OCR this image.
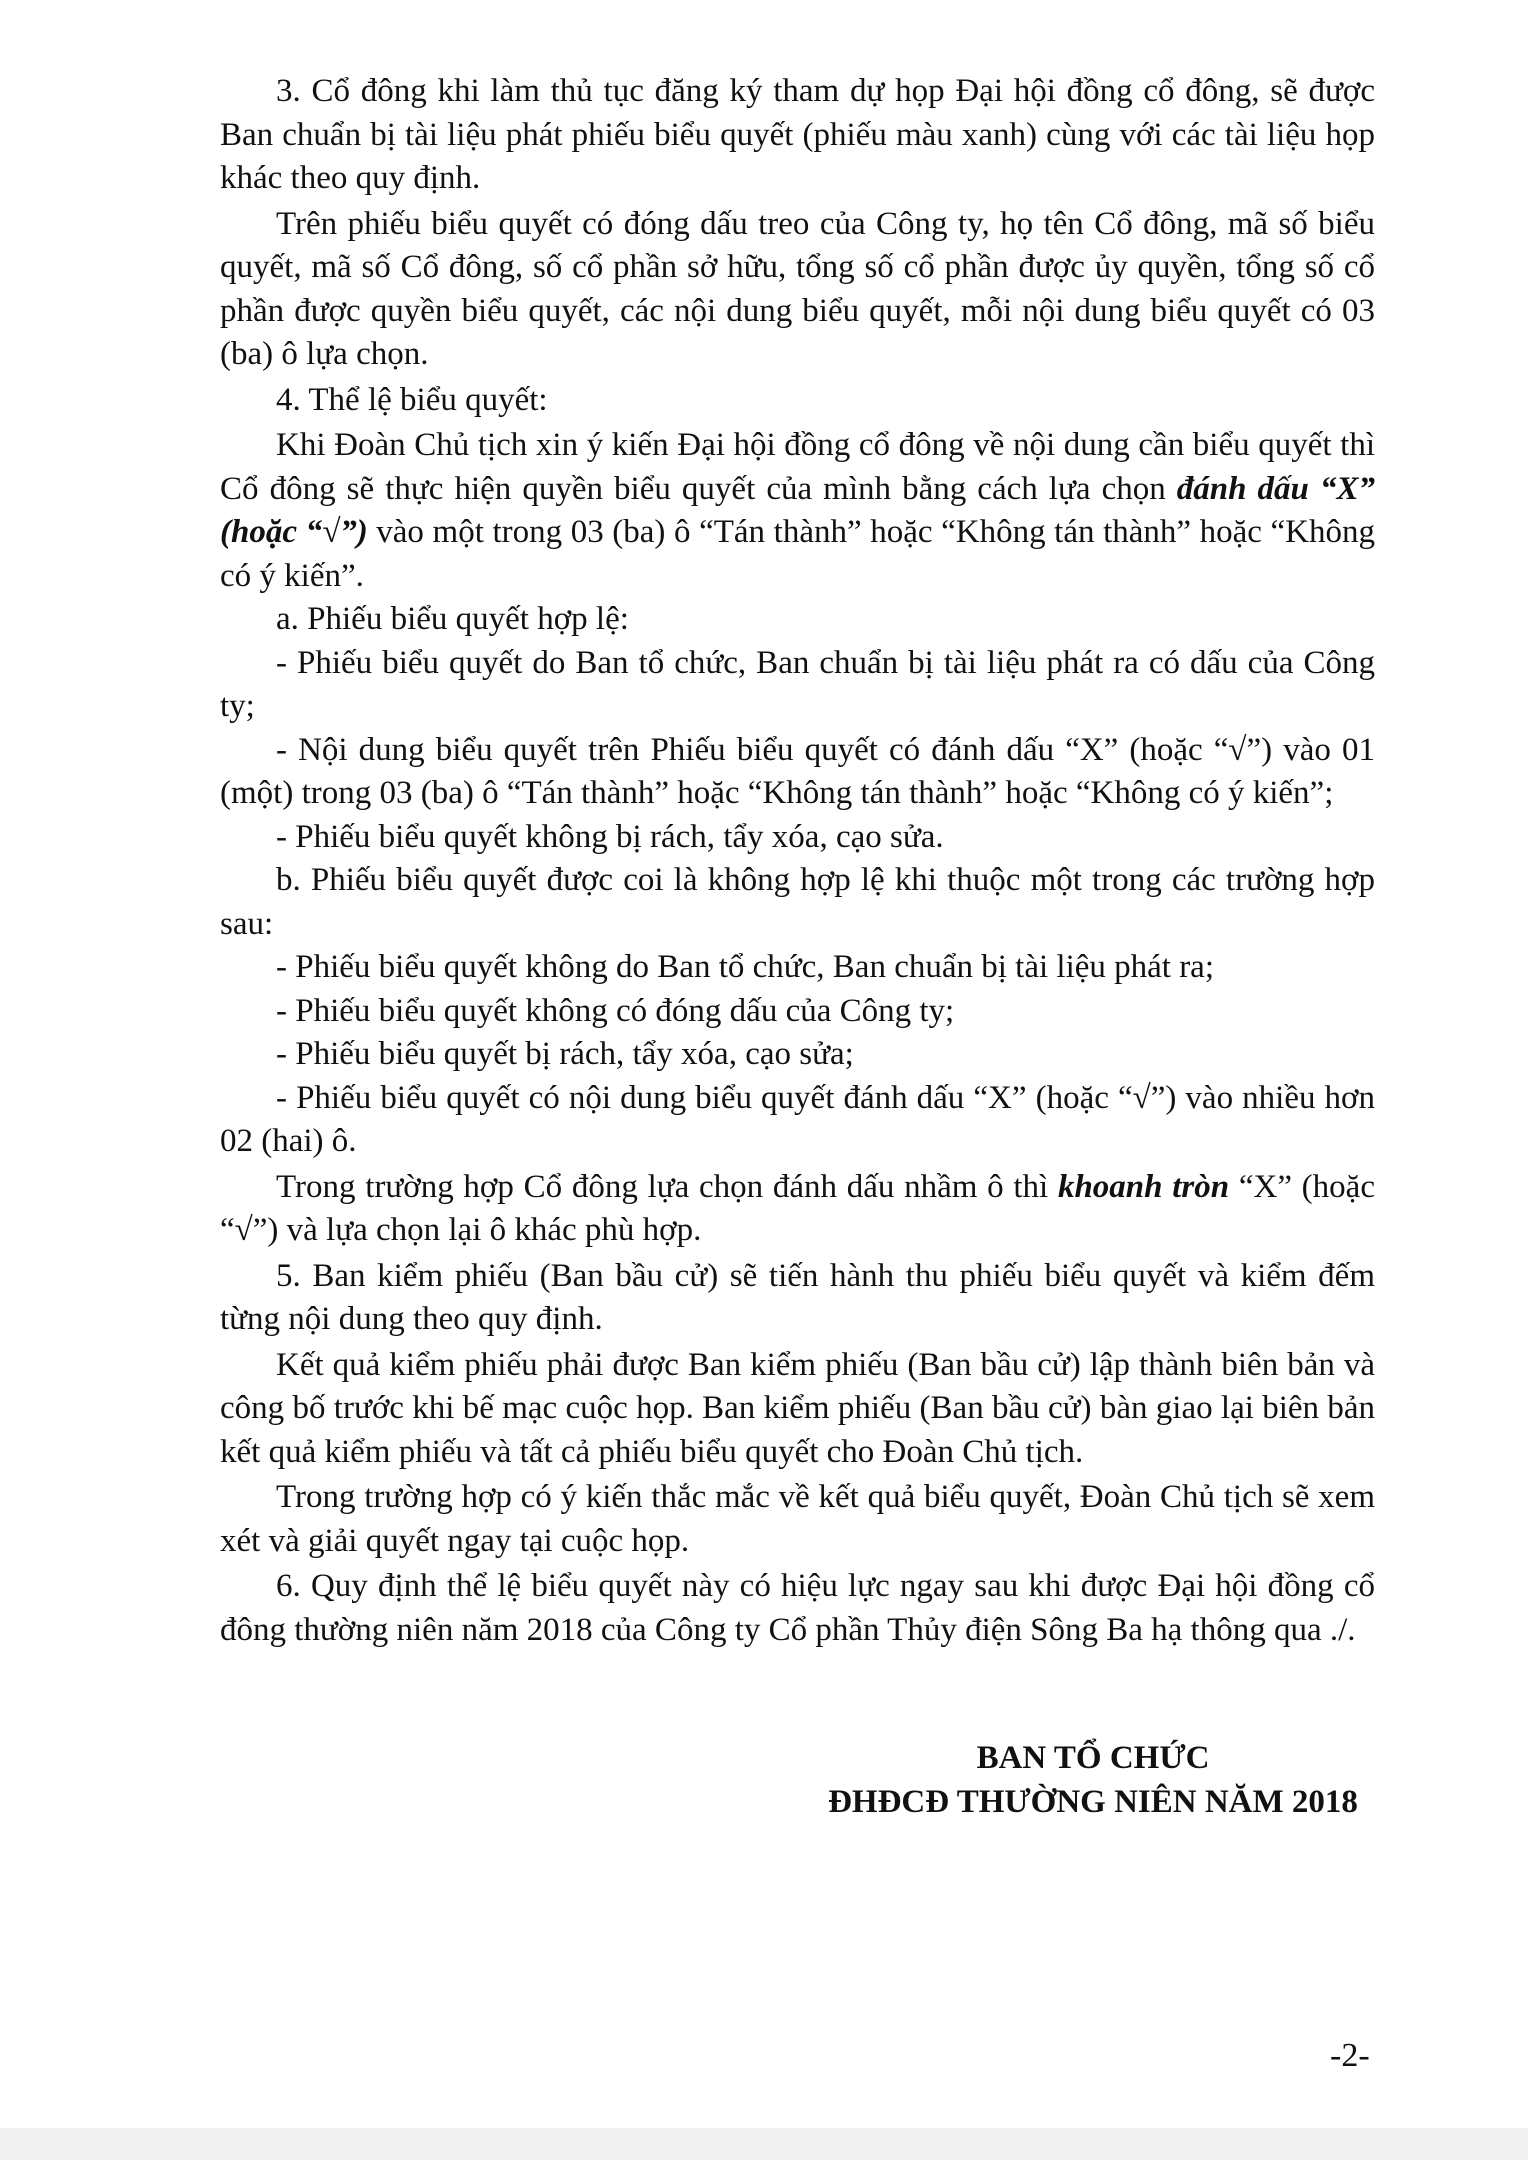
3. Cổ đông khi làm thủ tục đăng ký tham dự họp Đại hội đồng cổ đông, sẽ được Ban chuẩn bị tài liệu phát phiếu biểu quyết (phiếu màu xanh) cùng với các tài liệu họp khác theo quy định.

Trên phiếu biểu quyết có đóng dấu treo của Công ty, họ tên Cổ đông, mã số biểu quyết, mã số Cổ đông, số cổ phần sở hữu, tổng số cổ phần được ủy quyền, tổng số cổ phần được quyền biểu quyết, các nội dung biểu quyết, mỗi nội dung biểu quyết có 03 (ba) ô lựa chọn.

4. Thể lệ biểu quyết:

Khi Đoàn Chủ tịch xin ý kiến Đại hội đồng cổ đông về nội dung cần biểu quyết thì Cổ đông sẽ thực hiện quyền biểu quyết của mình bằng cách lựa chọn đánh dấu “X” (hoặc “√”) vào một trong 03 (ba) ô “Tán thành” hoặc “Không tán thành” hoặc “Không có ý kiến”.

a. Phiếu biểu quyết hợp lệ:

- Phiếu biểu quyết do Ban tổ chức, Ban chuẩn bị tài liệu phát ra có dấu của Công ty;

- Nội dung biểu quyết trên Phiếu biểu quyết có đánh dấu “X” (hoặc “√”) vào 01 (một) trong 03 (ba) ô “Tán thành” hoặc “Không tán thành” hoặc “Không có ý kiến”;

- Phiếu biểu quyết không bị rách, tẩy xóa, cạo sửa.

b. Phiếu biểu quyết được coi là không hợp lệ khi thuộc một trong các trường hợp sau:

- Phiếu biểu quyết không do Ban tổ chức, Ban chuẩn bị tài liệu phát ra;

- Phiếu biểu quyết không có đóng dấu của Công ty;

- Phiếu biểu quyết bị rách, tẩy xóa, cạo sửa;

- Phiếu biểu quyết có nội dung biểu quyết đánh dấu “X” (hoặc “√”) vào nhiều hơn 02 (hai) ô.

Trong trường hợp Cổ đông lựa chọn đánh dấu nhầm ô thì khoanh tròn “X” (hoặc “√”) và lựa chọn lại ô khác phù hợp.

5. Ban kiểm phiếu (Ban bầu cử) sẽ tiến hành thu phiếu biểu quyết và kiểm đếm từng nội dung theo quy định.

Kết quả kiểm phiếu phải được Ban kiểm phiếu (Ban bầu cử) lập thành biên bản và công bố trước khi bế mạc cuộc họp. Ban kiểm phiếu (Ban bầu cử) bàn giao lại biên bản kết quả kiểm phiếu và tất cả phiếu biểu quyết cho Đoàn Chủ tịch.

Trong trường hợp có ý kiến thắc mắc về kết quả biểu quyết, Đoàn Chủ tịch sẽ xem xét và giải quyết ngay tại cuộc họp.

6. Quy định thể lệ biểu quyết này có hiệu lực ngay sau khi được Đại hội đồng cổ đông thường niên năm 2018 của Công ty Cổ phần Thủy điện Sông Ba hạ thông qua ./.

BAN TỔ CHỨC
ĐHĐCĐ THƯỜNG NIÊN NĂM 2018
-2-
